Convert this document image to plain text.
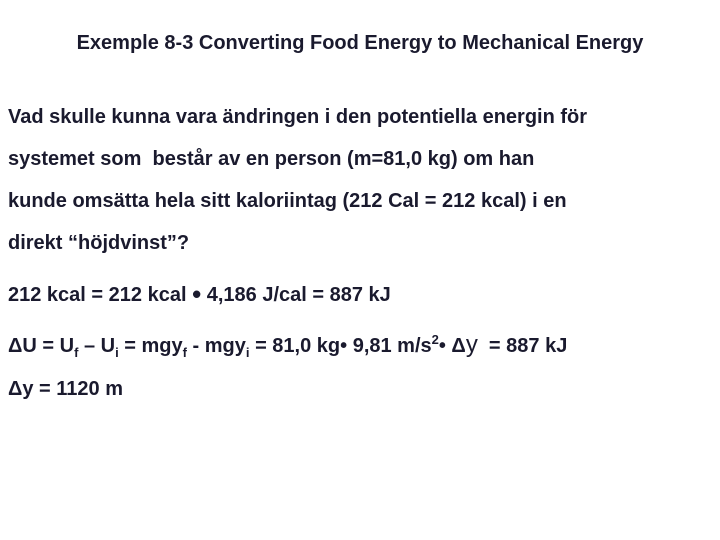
Exemple 8-3 Converting Food Energy to Mechanical Energy
Vad skulle kunna vara ändringen i den potentiella energin för
systemet som  består av en person (m=81,0 kg) om han
kunde omsätta hela sitt kaloriintag (212 Cal = 212 kcal) i en
direkt “höjdvinst”?
212 kcal = 212 kcal • 4,186 J/cal = 887 kJ
$\Delta U = U_f - U_i = mgy_f - mgy_i = 81,0$ kg• 9,81 $m/s^2•$ Δy  = 887 kJ
Δy = 1120 m
